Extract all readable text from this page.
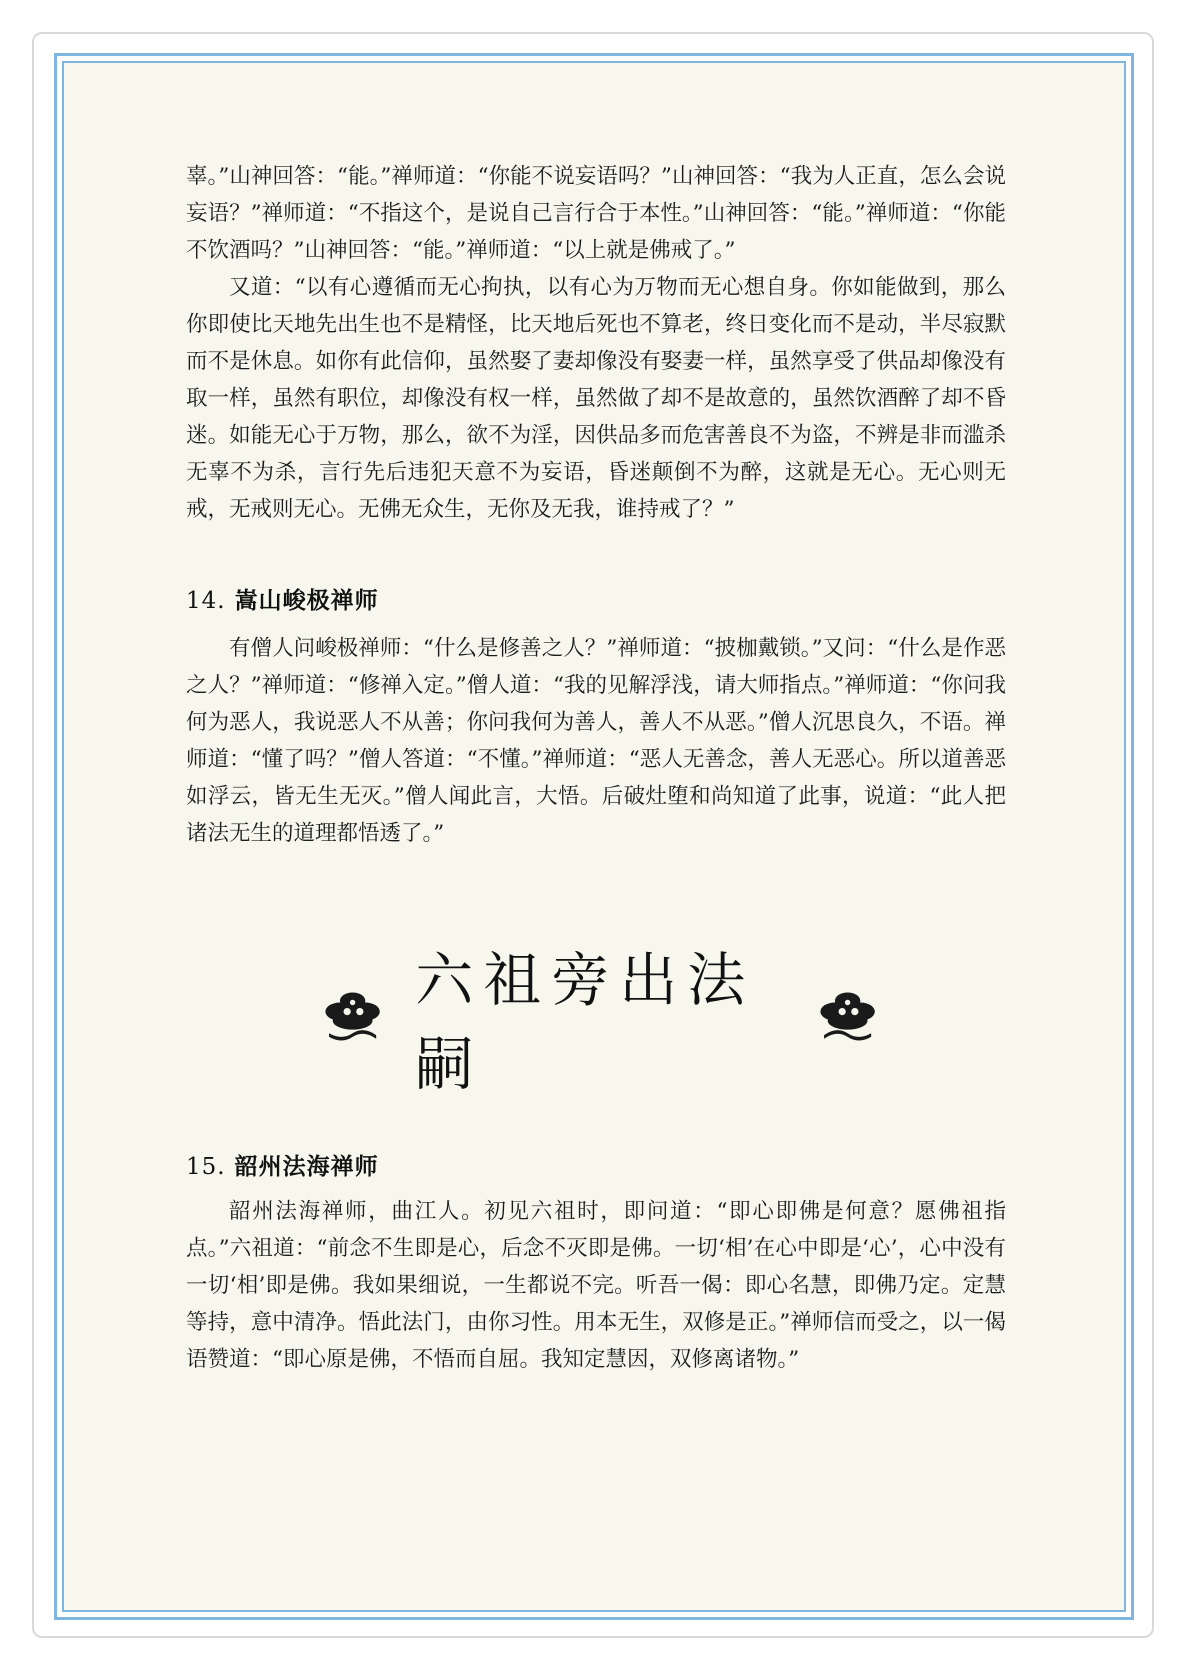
辜。”山神回答：“能。”禅师道：“你能不说妄语吗？”山神回答：“我为人正直，怎么会说妄语？”禅师道：“不指这个，是说自己言行合于本性。”山神回答：“能。”禅师道：“你能不饮酒吗？”山神回答：“能。”禅师道：“以上就是佛戒了。”

又道：“以有心遵循而无心拘执，以有心为万物而无心想自身。你如能做到，那么你即使比天地先出生也不是精怪，比天地后死也不算老，终日变化而不是动，半尽寂默而不是休息。如你有此信仰，虽然娶了妻却像没有娶妻一样，虽然享受了供品却像没有取一样，虽然有职位，却像没有权一样，虽然做了却不是故意的，虽然饮酒醉了却不昏迷。如能无心于万物，那么，欲不为淫，因供品多而危害善良不为盗，不辨是非而滥杀无辜不为杀，言行先后违犯天意不为妄语，昏迷颠倒不为醉，这就是无心。无心则无戒，无戒则无心。无佛无众生，无你及无我，谁持戒了？”

14. 嵩山峻极禅师
有僧人问峻极禅师：“什么是修善之人？”禅师道：“披枷戴锁。”又问：“什么是作恶之人？”禅师道：“修禅入定。”僧人道：“我的见解浮浅，请大师指点。”禅师道：“你问我何为恶人，我说恶人不从善；你问我何为善人，善人不从恶。”僧人沉思良久，不语。禅师道：“懂了吗？”僧人答道：“不懂。”禅师道：“恶人无善念，善人无恶心。所以道善恶如浮云，皆无生无灭。”僧人闻此言，大悟。后破灶堕和尚知道了此事，说道：“此人把诸法无生的道理都悟透了。”
六祖旁出法嗣
15. 韶州法海禅师
韶州法海禅师，曲江人。初见六祖时，即问道：“即心即佛是何意？愿佛祖指点。”六祖道：“前念不生即是心，后念不灭即是佛。一切‘相’在心中即是‘心’，心中没有一切‘相’即是佛。我如果细说，一生都说不完。听吾一偈：即心名慧，即佛乃定。定慧等持，意中清净。悟此法门，由你习性。用本无生，双修是正。”禅师信而受之，以一偈语赞道：“即心原是佛，不悟而自屈。我知定慧因，双修离诸物。”
